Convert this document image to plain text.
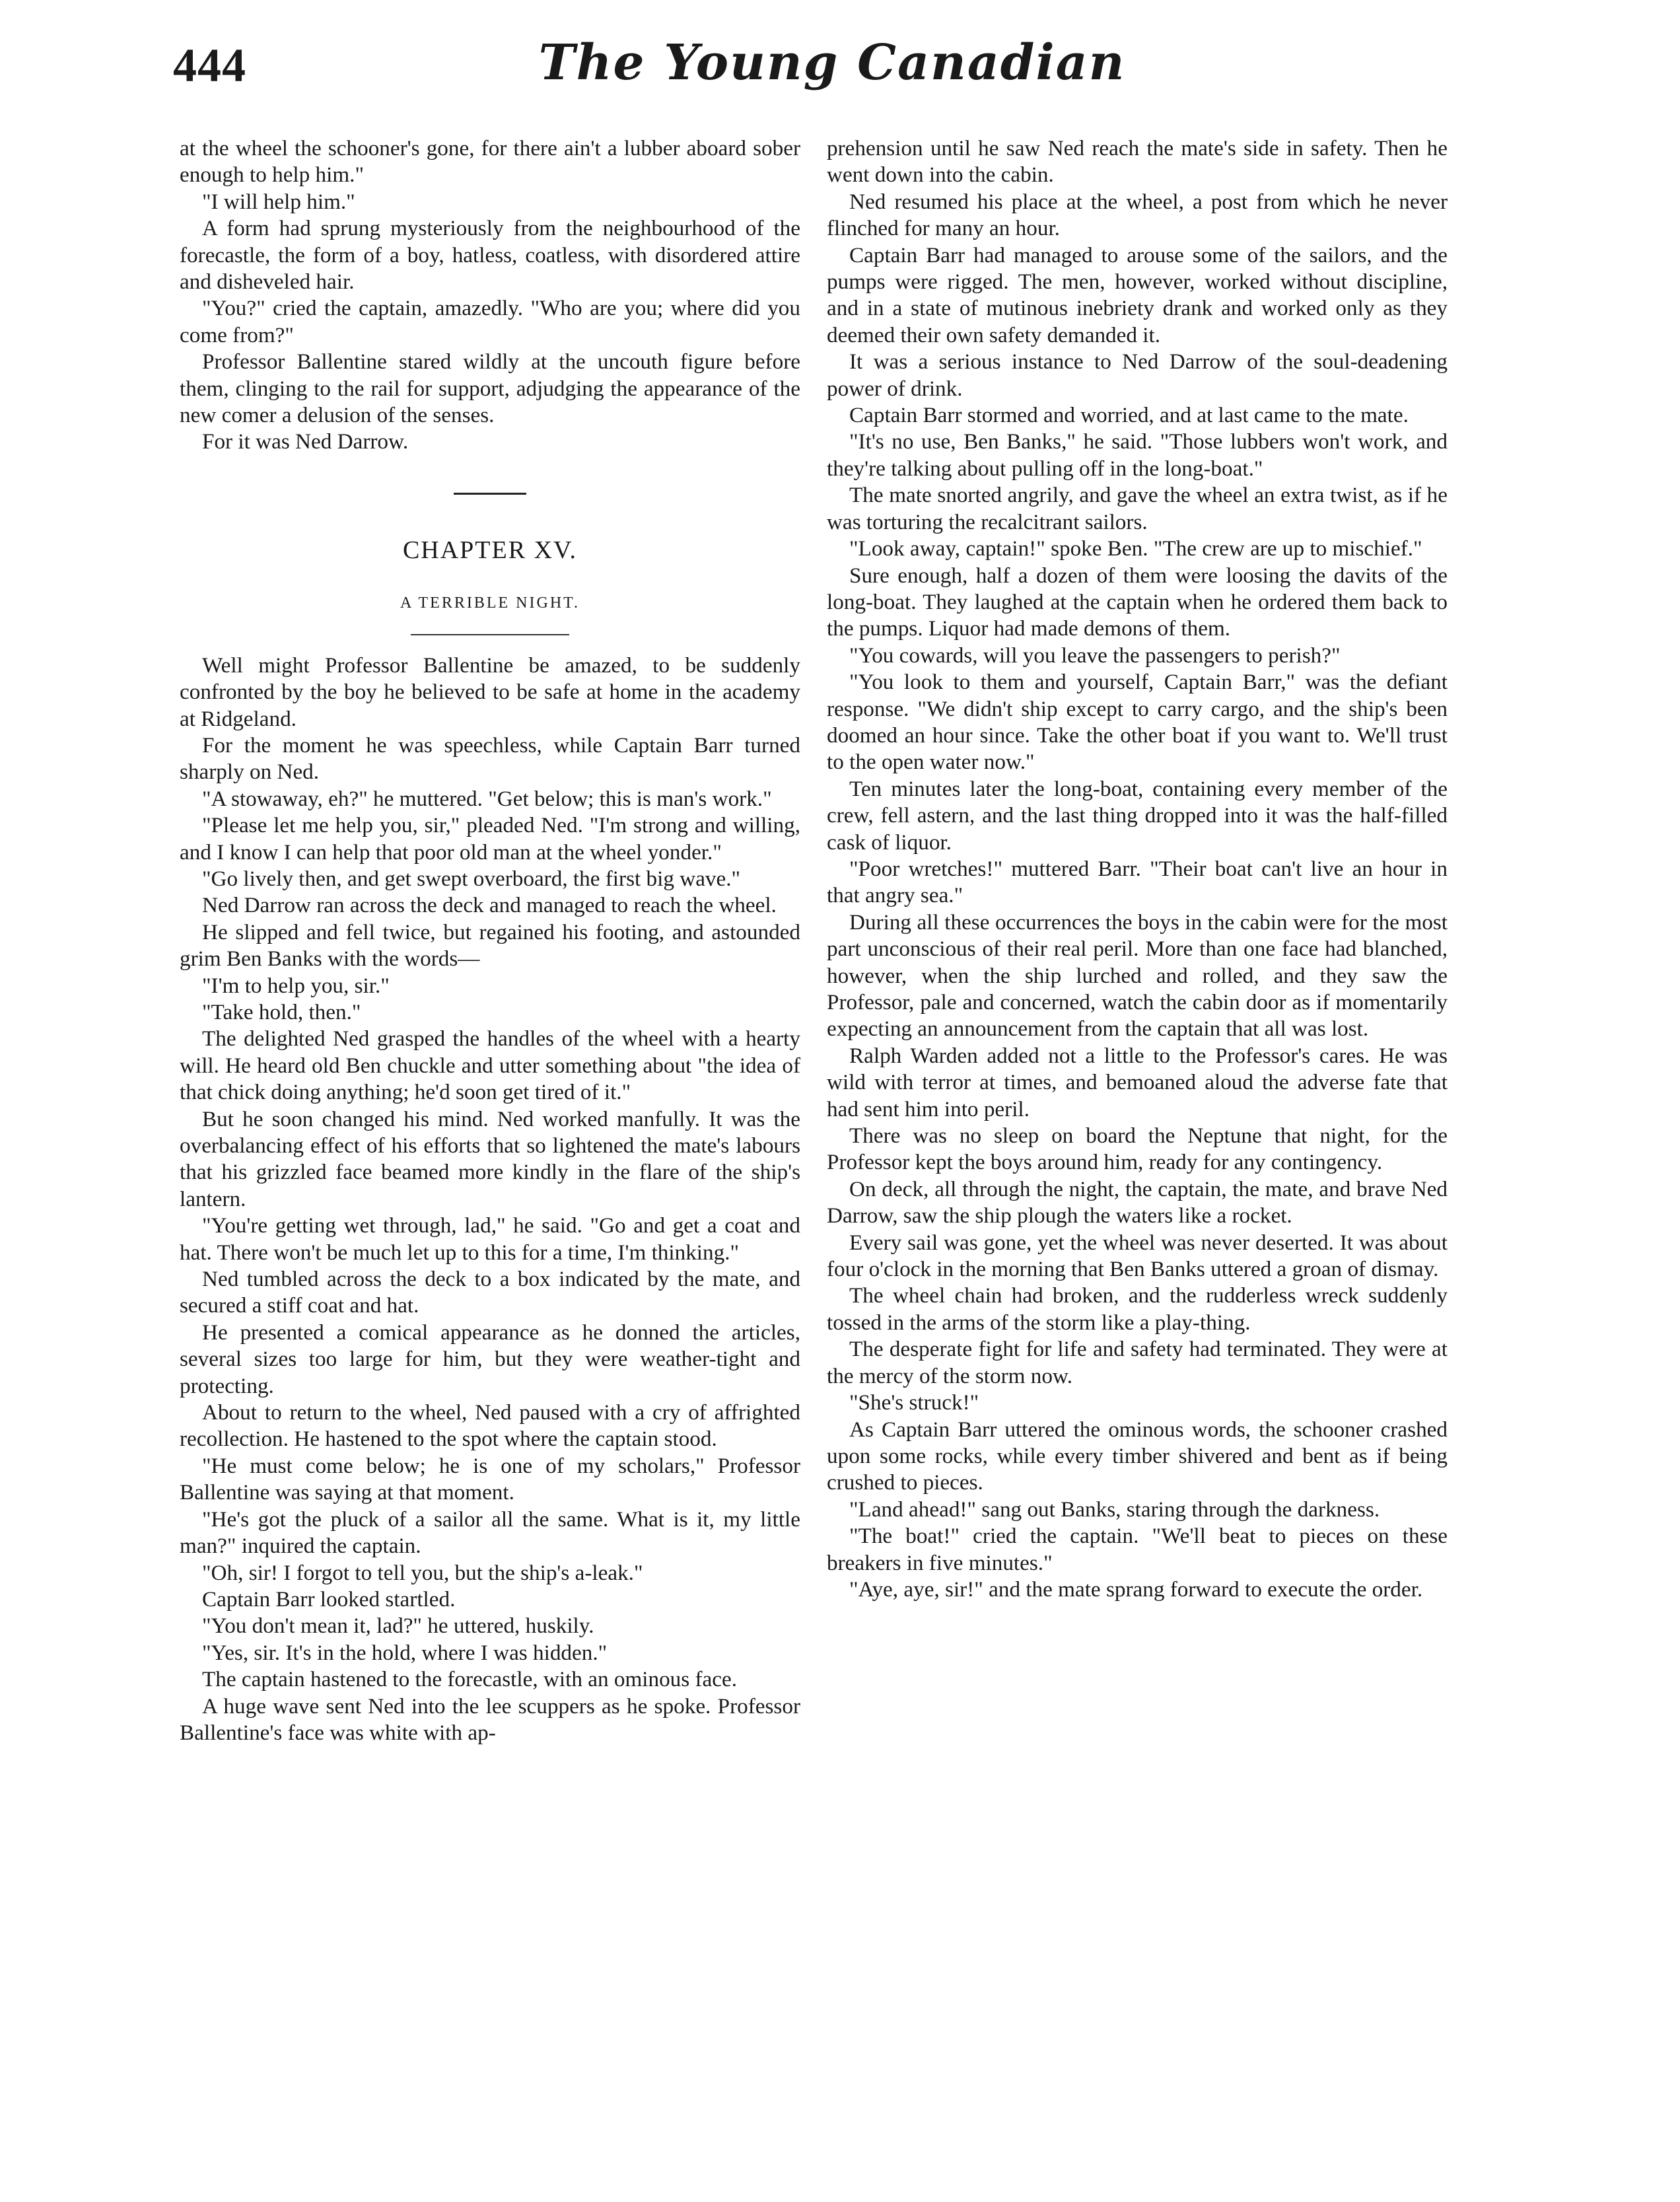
444	The Young Canadian

at the wheel the schooner's gone, for there ain't a lubber aboard sober enough to help him."

"I will help him."

A form had sprung mysteriously from the neighbourhood of the forecastle, the form of a boy, hatless, coatless, with disordered attire and disheveled hair.

"You?" cried the captain, amazedly. "Who are you; where did you come from?"

Professor Ballentine stared wildly at the uncouth figure before them, clinging to the rail for support, adjudging the appearance of the new comer a delusion of the senses.

For it was Ned Darrow.

CHAPTER XV.
A TERRIBLE NIGHT.

Well might Professor Ballentine be amazed, to be suddenly confronted by the boy he believed to be safe at home in the academy at Ridgeland.

For the moment he was speechless, while Captain Barr turned sharply on Ned.

"A stowaway, eh?" he muttered. "Get below; this is man's work."

"Please let me help you, sir," pleaded Ned. "I'm strong and willing, and I know I can help that poor old man at the wheel yonder."

"Go lively then, and get swept overboard, the first big wave."

Ned Darrow ran across the deck and managed to reach the wheel.

He slipped and fell twice, but regained his footing, and astounded grim Ben Banks with the words—

"I'm to help you, sir."

"Take hold, then."

The delighted Ned grasped the handles of the wheel with a hearty will. He heard old Ben chuckle and utter something about "the idea of that chick doing anything; he'd soon get tired of it."

But he soon changed his mind. Ned worked manfully. It was the overbalancing effect of his efforts that so lightened the mate's labours that his grizzled face beamed more kindly in the flare of the ship's lantern.

"You're getting wet through, lad," he said. "Go and get a coat and hat. There won't be much let up to this for a time, I'm thinking."

Ned tumbled across the deck to a box indicated by the mate, and secured a stiff coat and hat.

He presented a comical appearance as he donned the articles, several sizes too large for him, but they were weather-tight and protecting.

About to return to the wheel, Ned paused with a cry of affrighted recollection. He hastened to the spot where the captain stood.

"He must come below; he is one of my scholars," Professor Ballentine was saying at that moment.

"He's got the pluck of a sailor all the same. What is it, my little man?" inquired the captain.

"Oh, sir! I forgot to tell you, but the ship's a-leak."

Captain Barr looked startled.

"You don't mean it, lad?" he uttered, huskily.

"Yes, sir. It's in the hold, where I was hidden."

The captain hastened to the forecastle, with an ominous face.

A huge wave sent Ned into the lee scuppers as he spoke. Professor Ballentine's face was white with ap-

prehension until he saw Ned reach the mate's side in safety. Then he went down into the cabin.

Ned resumed his place at the wheel, a post from which he never flinched for many an hour.

Captain Barr had managed to arouse some of the sailors, and the pumps were rigged. The men, however, worked without discipline, and in a state of mutinous inebriety drank and worked only as they deemed their own safety demanded it.

It was a serious instance to Ned Darrow of the soul-deadening power of drink.

Captain Barr stormed and worried, and at last came to the mate.

"It's no use, Ben Banks," he said. "Those lubbers won't work, and they're talking about pulling off in the long-boat."

The mate snorted angrily, and gave the wheel an extra twist, as if he was torturing the recalcitrant sailors.

"Look away, captain!" spoke Ben. "The crew are up to mischief."

Sure enough, half a dozen of them were loosing the davits of the long-boat. They laughed at the captain when he ordered them back to the pumps. Liquor had made demons of them.

"You cowards, will you leave the passengers to perish?"

"You look to them and yourself, Captain Barr," was the defiant response. "We didn't ship except to carry cargo, and the ship's been doomed an hour since. Take the other boat if you want to. We'll trust to the open water now."

Ten minutes later the long-boat, containing every member of the crew, fell astern, and the last thing dropped into it was the half-filled cask of liquor.

"Poor wretches!" muttered Barr. "Their boat can't live an hour in that angry sea."

During all these occurrences the boys in the cabin were for the most part unconscious of their real peril. More than one face had blanched, however, when the ship lurched and rolled, and they saw the Professor, pale and concerned, watch the cabin door as if momentarily expecting an announcement from the captain that all was lost.

Ralph Warden added not a little to the Professor's cares. He was wild with terror at times, and bemoaned aloud the adverse fate that had sent him into peril.

There was no sleep on board the Neptune that night, for the Professor kept the boys around him, ready for any contingency.

On deck, all through the night, the captain, the mate, and brave Ned Darrow, saw the ship plough the waters like a rocket.

Every sail was gone, yet the wheel was never deserted. It was about four o'clock in the morning that Ben Banks uttered a groan of dismay.

The wheel chain had broken, and the rudderless wreck suddenly tossed in the arms of the storm like a play-thing.

The desperate fight for life and safety had terminated. They were at the mercy of the storm now.

"She's struck!"

As Captain Barr uttered the ominous words, the schooner crashed upon some rocks, while every timber shivered and bent as if being crushed to pieces.

"Land ahead!" sang out Banks, staring through the darkness.

"The boat!" cried the captain. "We'll beat to pieces on these breakers in five minutes."

"Aye, aye, sir!" and the mate sprang forward to execute the order.
